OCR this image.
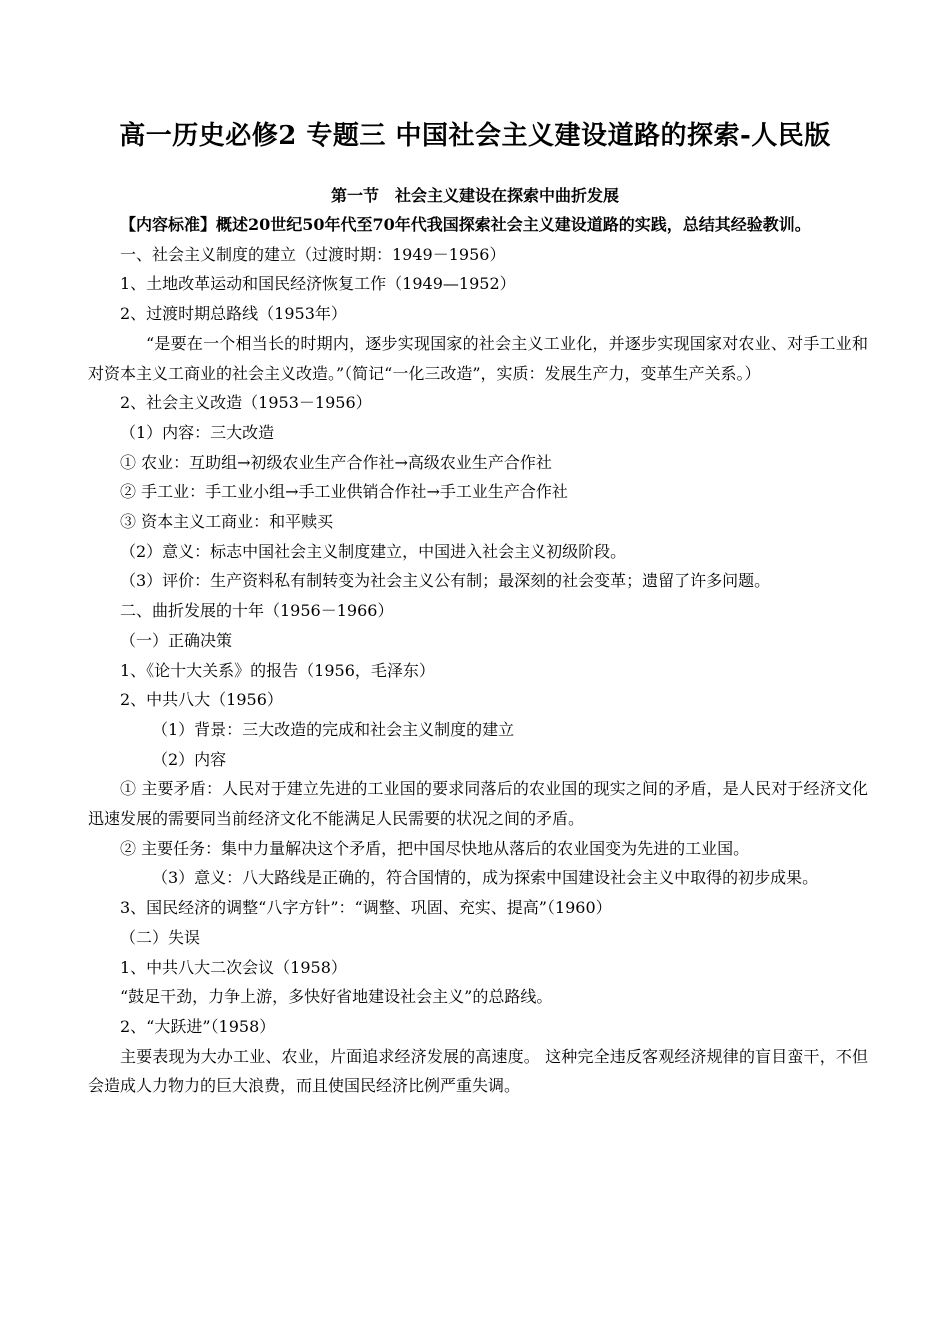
高一历史必修2 专题三 中国社会主义建设道路的探索-人民版
第一节　社会主义建设在探索中曲折发展

【内容标准】概述20世纪50年代至70年代我国探索社会主义建设道路的实践，总结其经验教训。

一、社会主义制度的建立（过渡时期：1949－1956）

1、土地改革运动和国民经济恢复工作（1949—1952）

2、过渡时期总路线（1953年）

“是要在一个相当长的时期内，逐步实现国家的社会主义工业化，并逐步实现国家对农业、对手工业和对资本主义工商业的社会主义改造。”（简记“一化三改造”，实质：发展生产力，变革生产关系。）

2、社会主义改造（1953－1956）

（1）内容：三大改造

① 农业：互助组→初级农业生产合作社→高级农业生产合作社

② 手工业：手工业小组→手工业供销合作社→手工业生产合作社

③ 资本主义工商业：和平赎买

（2）意义：标志中国社会主义制度建立，中国进入社会主义初级阶段。

（3）评价：生产资料私有制转变为社会主义公有制；最深刻的社会变革；遗留了许多问题。

二、曲折发展的十年（1956－1966）

（一）正确决策

1、《论十大关系》的报告（1956，毛泽东）

2、中共八大（1956）

（1）背景：三大改造的完成和社会主义制度的建立

（2）内容

① 主要矛盾：人民对于建立先进的工业国的要求同落后的农业国的现实之间的矛盾，是人民对于经济文化迅速发展的需要同当前经济文化不能满足人民需要的状况之间的矛盾。

② 主要任务：集中力量解决这个矛盾，把中国尽快地从落后的农业国变为先进的工业国。

（3）意义：八大路线是正确的，符合国情的，成为探索中国建设社会主义中取得的初步成果。

3、国民经济的调整“八字方针”：“调整、巩固、充实、提高”（1960）

（二）失误

1、中共八大二次会议（1958）

“鼓足干劲，力争上游，多快好省地建设社会主义”的总路线。

2、“大跃进”（1958）

主要表现为大办工业、农业，片面追求经济发展的高速度。 这种完全违反客观经济规律的盲目蛮干，不但会造成人力物力的巨大浪费，而且使国民经济比例严重失调。
